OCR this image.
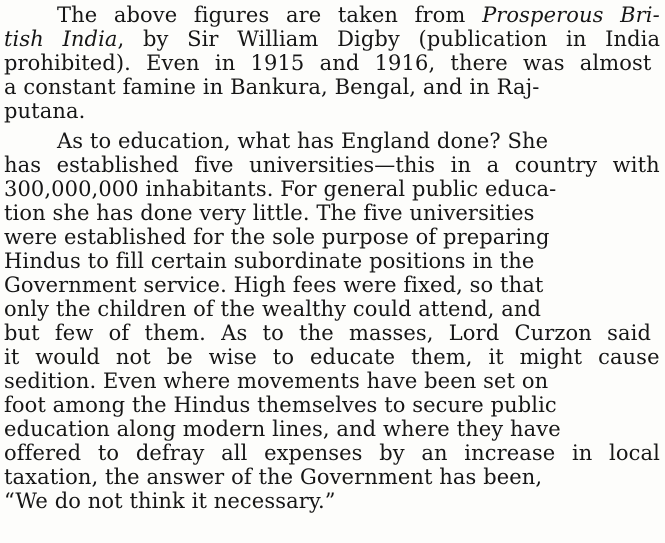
The above figures are taken from Prosperous Bri-
tish India, by Sir William Digby (publication in India
prohibited). Even in 1915 and 1916, there was almost
a constant famine in Bankura, Bengal, and in Raj-
putana.
As to education, what has England done? She
has established five universities—this in a country with
300,000,000 inhabitants. For general public educa-
tion she has done very little. The five universities
were established for the sole purpose of preparing
Hindus to fill certain subordinate positions in the
Government service. High fees were fixed, so that
only the children of the wealthy could attend, and
but few of them. As to the masses, Lord Curzon said
it would not be wise to educate them, it might cause
sedition. Even where movements have been set on
foot among the Hindus themselves to secure public
education along modern lines, and where they have
offered to defray all expenses by an increase in local
taxation, the answer of the Government has been,
“We do not think it necessary.”
